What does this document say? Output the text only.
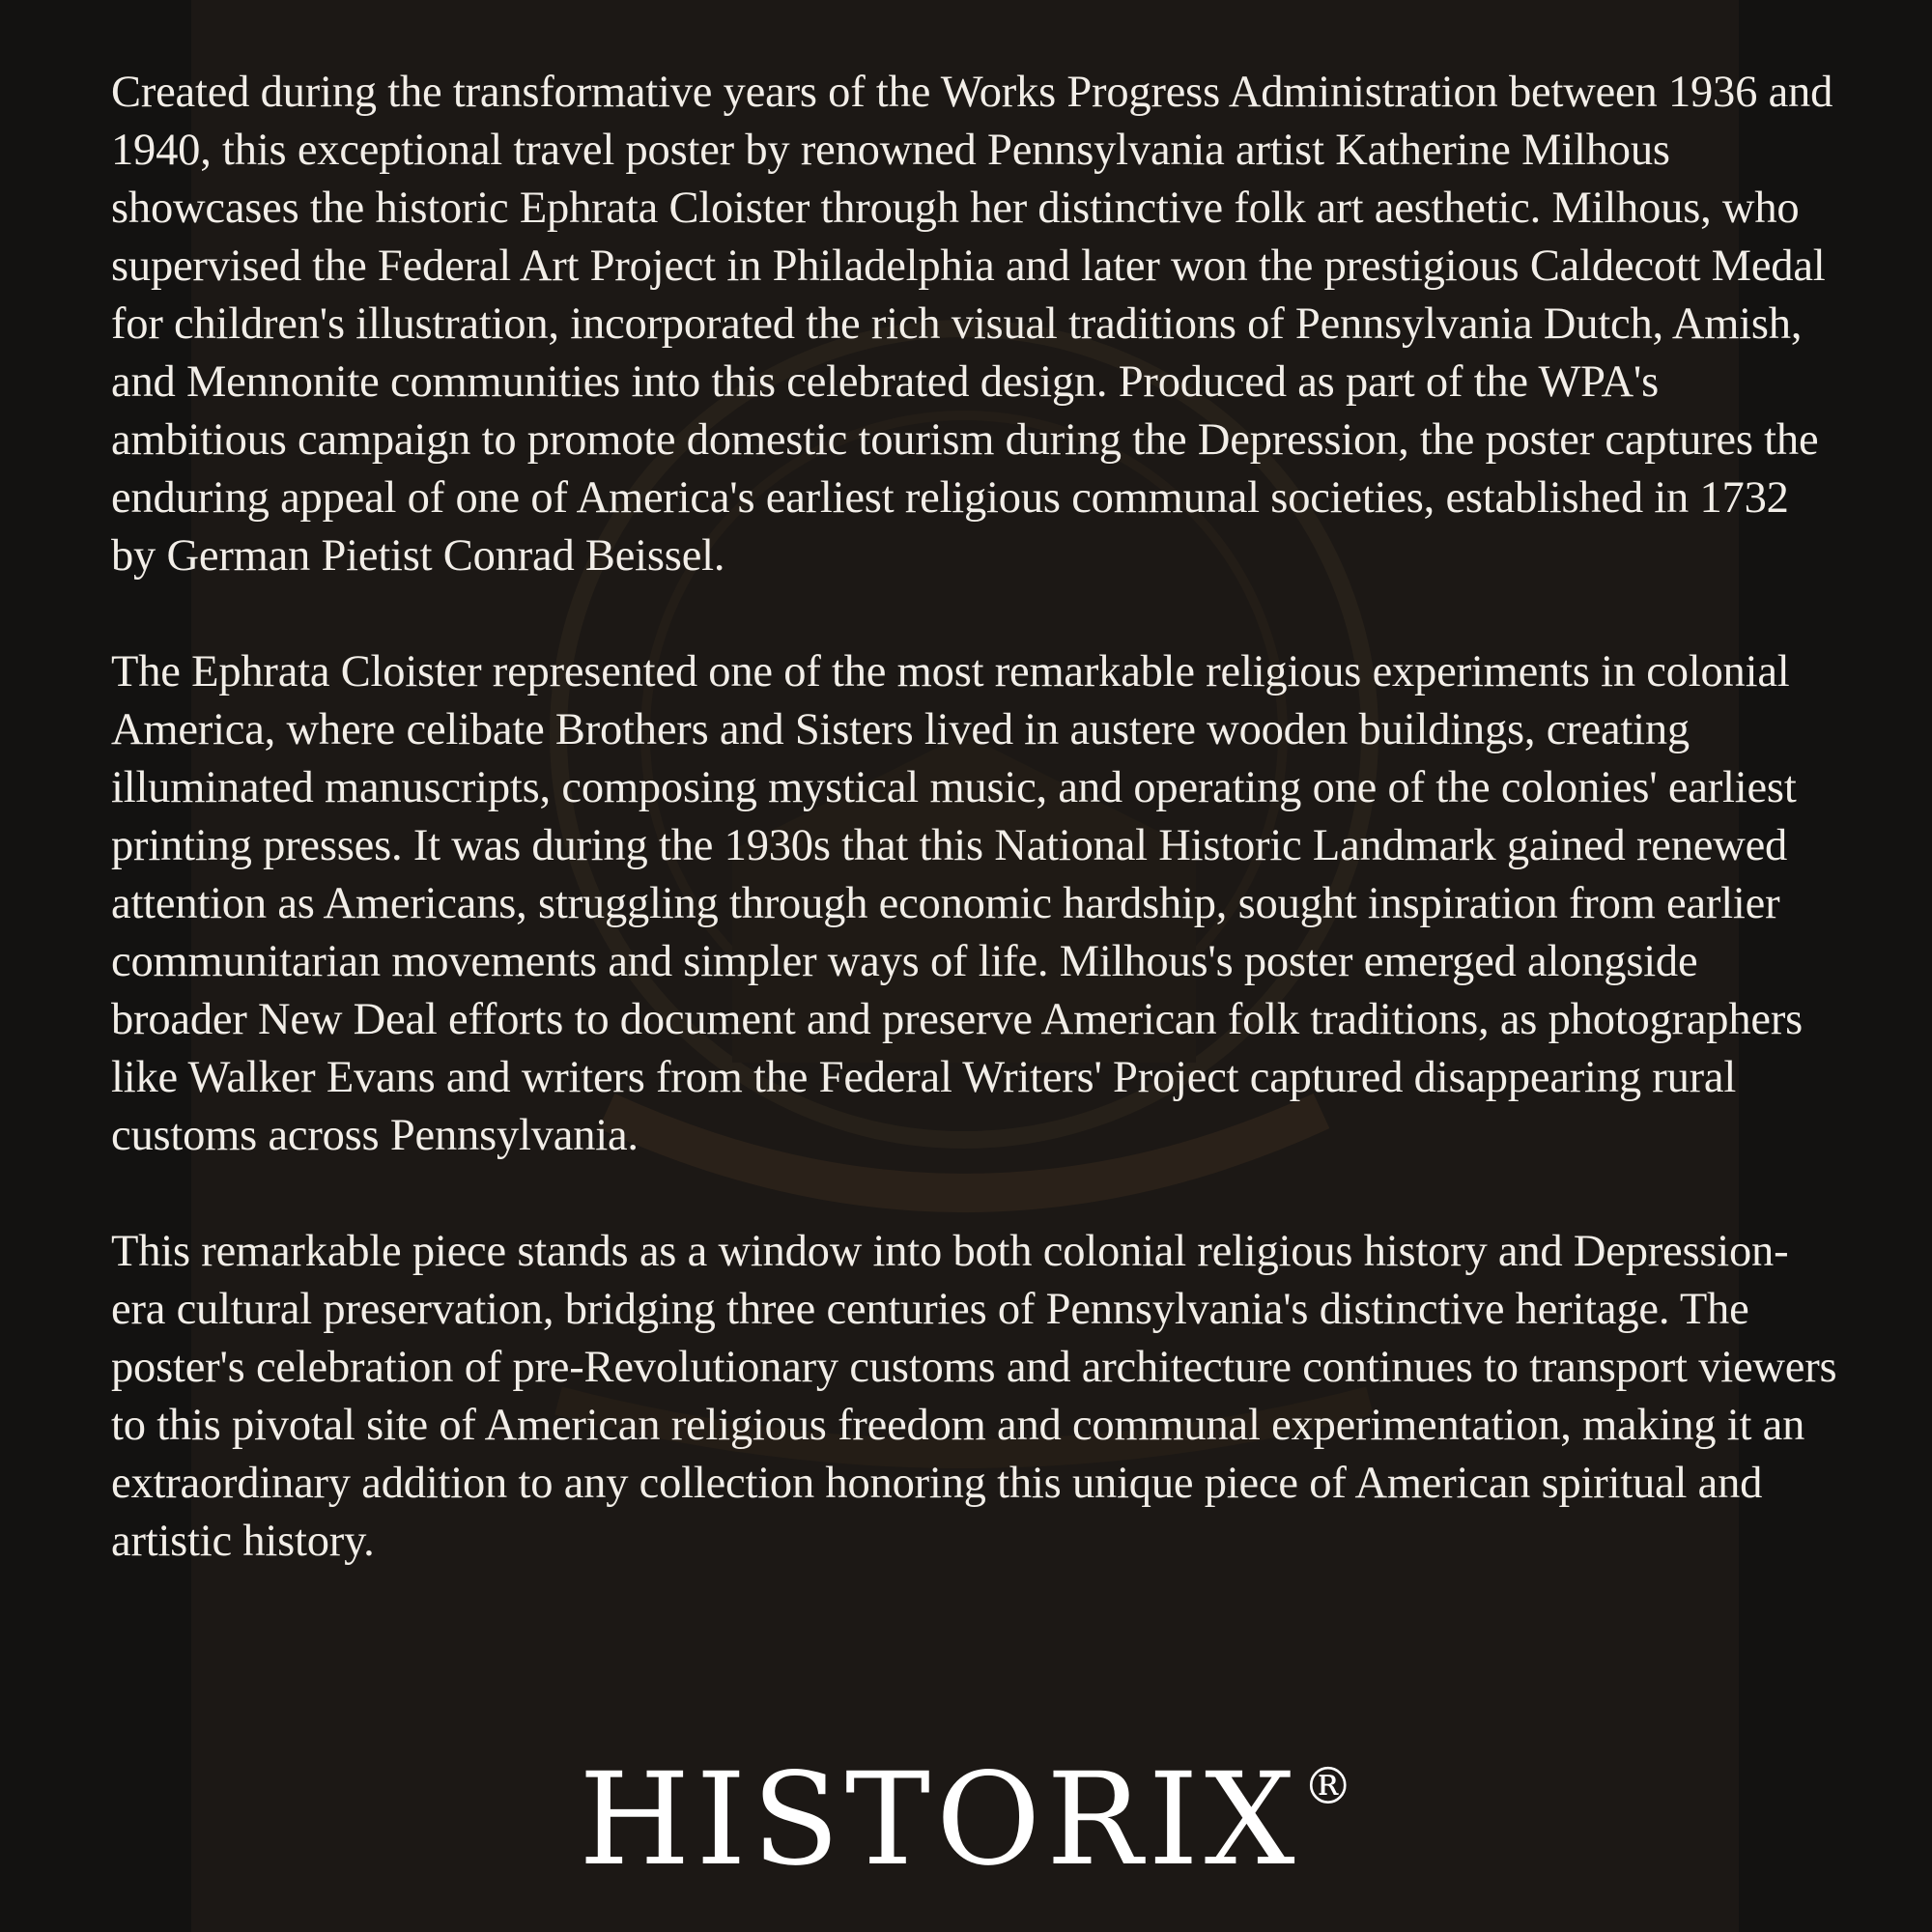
Created during the transformative years of the Works Progress Administration between 1936 and 1940, this exceptional travel poster by renowned Pennsylvania artist Katherine Milhous showcases the historic Ephrata Cloister through her distinctive folk art aesthetic. Milhous, who supervised the Federal Art Project in Philadelphia and later won the prestigious Caldecott Medal for children's illustration, incorporated the rich visual traditions of Pennsylvania Dutch, Amish, and Mennonite communities into this celebrated design. Produced as part of the WPA's ambitious campaign to promote domestic tourism during the Depression, the poster captures the enduring appeal of one of America's earliest religious communal societies, established in 1732 by German Pietist Conrad Beissel.

The Ephrata Cloister represented one of the most remarkable religious experiments in colonial America, where celibate Brothers and Sisters lived in austere wooden buildings, creating illuminated manuscripts, composing mystical music, and operating one of the colonies' earliest printing presses. It was during the 1930s that this National Historic Landmark gained renewed attention as Americans, struggling through economic hardship, sought inspiration from earlier communitarian movements and simpler ways of life. Milhous's poster emerged alongside broader New Deal efforts to document and preserve American folk traditions, as photographers like Walker Evans and writers from the Federal Writers' Project captured disappearing rural customs across Pennsylvania.

This remarkable piece stands as a window into both colonial religious history and Depression-era cultural preservation, bridging three centuries of Pennsylvania's distinctive heritage. The poster's celebration of pre-Revolutionary customs and architecture continues to transport viewers to this pivotal site of American religious freedom and communal experimentation, making it an extraordinary addition to any collection honoring this unique piece of American spiritual and artistic history.

HISTORIX®
